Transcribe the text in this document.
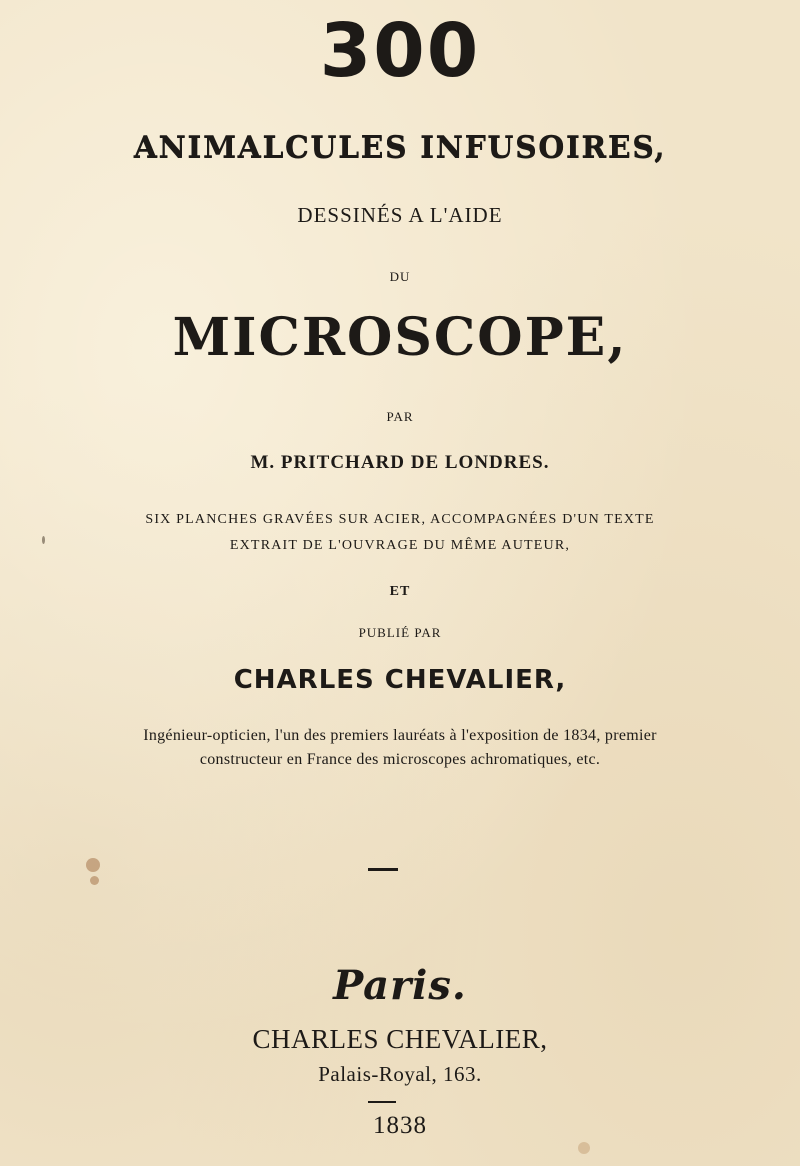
300
ANIMALCULES INFUSOIRES,
DESSINÉS A L'AIDE
DU
MICROSCOPE,
PAR
M. PRITCHARD DE LONDRES.
SIX PLANCHES GRAVÉES SUR ACIER, ACCOMPAGNÉES D'UN TEXTE
EXTRAIT DE L'OUVRAGE DU MÊME AUTEUR,
ET
PUBLIÉ PAR
CHARLES CHEVALIER,
Ingénieur-opticien, l'un des premiers lauréats à l'exposition de 1834, premier
constructeur en France des microscopes achromatiques, etc.
Paris.
CHARLES CHEVALIER,
Palais-Royal, 163.
1838
